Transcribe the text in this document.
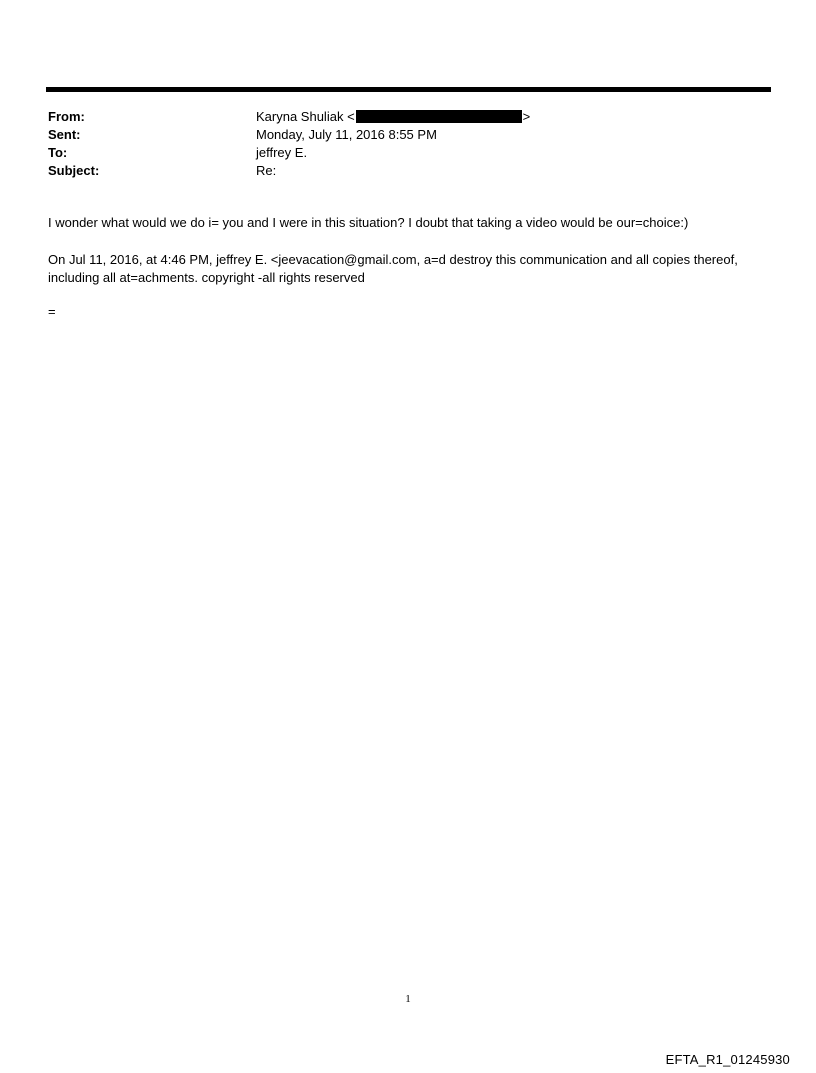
From:	Karyna Shuliak <	>
Sent:	Monday, July 11, 2016 8:55 PM
To:	jeffrey E.
Subject:	Re:

I wonder what would we do i= you and I were in this situation? I doubt that taking a video would be our=choice:)

On Jul 11, 2016, at 4:46 PM, jeffrey E. <jeevacation@gmail.com, a=d destroy this communication and all copies thereof, including all at=achments. copyright -all rights reserved

=

1
EFTA_R1_01245930
